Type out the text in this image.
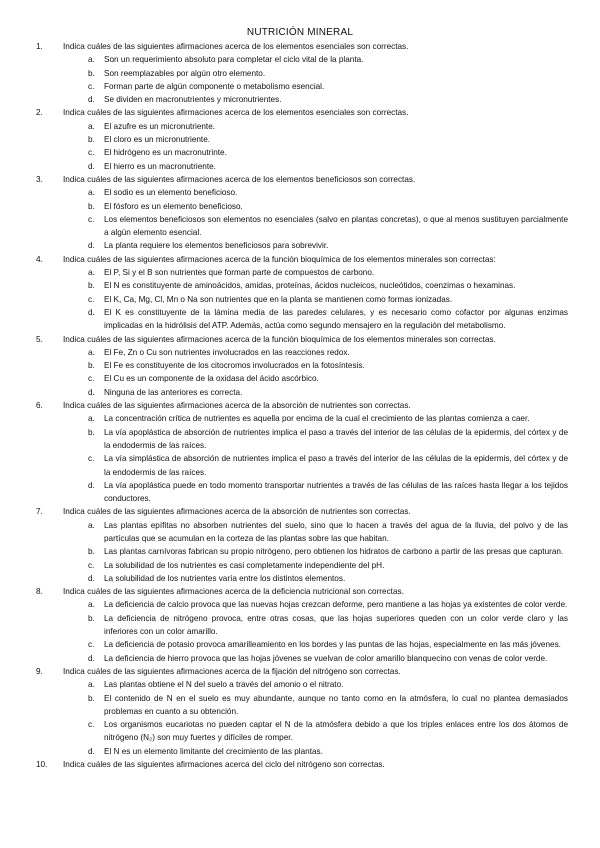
NUTRICIÓN MINERAL
1. Indica cuáles de las siguientes afirmaciones acerca de los elementos esenciales son correctas.
a. Son un requerimiento absoluto para completar el ciclo vital de la planta.
b. Son reemplazables por algún otro elemento.
c. Forman parte de algún componente o metabolismo esencial.
d. Se dividen en macronutrientes y micronutrientes.
2. Indica cuáles de las siguientes afirmaciones acerca de los elementos esenciales son correctas.
a. El azufre es un micronutriente.
b. El cloro es un micronutriente.
c. El hidrógeno es un macronutrinte.
d. El hierro es un macronutriente.
3. Indica cuáles de las siguientes afirmaciones acerca de los elementos beneficiosos son correctas.
a. El sodio es un elemento beneficioso.
b. El fósforo es un elemento beneficioso.
c. Los elementos beneficiosos son elementos no esenciales (salvo en plantas concretas), o que al menos sustituyen parcialmente a algún elemento esencial.
d. La planta requiere los elementos beneficiosos para sobrevivir.
4. Indica cuáles de las siguientes afirmaciones acerca de la función bioquímica de los elementos minerales son correctas:
a. El P, Si y el B son nutrientes que forman parte de compuestos de carbono.
b. El N es constituyente de aminoácidos, amidas, proteínas, ácidos nucleicos, nucleótidos, coenzimas o hexaminas.
c. El K, Ca, Mg, Cl, Mn o Na son nutrientes que en la planta se mantienen como formas ionizadas.
d. El K es constituyente de la lámina media de las paredes celulares, y es necesario como cofactor por algunas enzimas implicadas en la hidrólisis del ATP. Además, actúa como segundo mensajero en la regulación del metabolismo.
5. Indica cuáles de las siguientes afirmaciones acerca de la función bioquímica de los elementos minerales son correctas.
a. El Fe, Zn o Cu son nutrientes involucrados en las reacciones redox.
b. El Fe es constituyente de los citocromos involucrados en la fotosíntesis.
c. El Cu es un componente de la oxidasa del ácido ascórbico.
d. Ninguna de las anteriores es correcta.
6. Indica cuáles de las siguientes afirmaciones acerca de la absorción de nutrientes son correctas.
a. La concentración crítica de nutrientes es aquella por encima de la cual el crecimiento de las plantas comienza a caer.
b. La vía apoplástica de absorción de nutrientes implica el paso a través del interior de las células de la epidermis, del córtex y de la endodermis de las raíces.
c. La vía simplástica de absorción de nutrientes implica el paso a través del interior de las células de la epidermis, del córtex y de la endodermis de las raíces.
d. La vía apoplástica puede en todo momento transportar nutrientes a través de las células de las raíces hasta llegar a los tejidos conductores.
7. Indica cuáles de las siguientes afirmaciones acerca de la absorción de nutrientes son correctas.
a. Las plantas epífitas no absorben nutrientes del suelo, sino que lo hacen a través del agua de la lluvia, del polvo y de las partículas que se acumulan en la corteza de las plantas sobre las que habitan.
b. Las plantas carnívoras fabrican su propio nitrógeno, pero obtienen los hidratos de carbono a partir de las presas que capturan.
c. La solubilidad de los nutrientes es casi completamente independiente del pH.
d. La solubilidad de los nutrientes varía entre los distintos elementos.
8. Indica cuáles de las siguientes afirmaciones acerca de la deficiencia nutricional son correctas.
a. La deficiencia de calcio provoca que las nuevas hojas crezcan deforme, pero mantiene a las hojas ya existentes de color verde.
b. La deficiencia de nitrógeno provoca, entre otras cosas, que las hojas superiores queden con un color verde claro y las inferiores con un color amarillo.
c. La deficiencia de potasio provoca amarilleamiento en los bordes y las puntas de las hojas, especialmente en las más jóvenes.
d. La deficiencia de hierro provoca que las hojas jóvenes se vuelvan de color amarillo blanquecino con venas de color verde.
9. Indica cuáles de las siguientes afirmaciones acerca de la fijación del nitrógeno son correctas.
a. Las plantas obtiene el N del suelo a través del amonio o el nitrato.
b. El contenido de N en el suelo es muy abundante, aunque no tanto como en la atmósfera, lo cual no plantea demasiados problemas en cuanto a su obtención.
c. Los organismos eucariotas no pueden captar el N de la atmósfera debido a que los triples enlaces entre los dos átomos de nitrógeno (N₂) son muy fuertes y difíciles de romper.
d. El N es un elemento limitante del crecimiento de las plantas.
10. Indica cuáles de las siguientes afirmaciones acerca del ciclo del nitrógeno son correctas.
